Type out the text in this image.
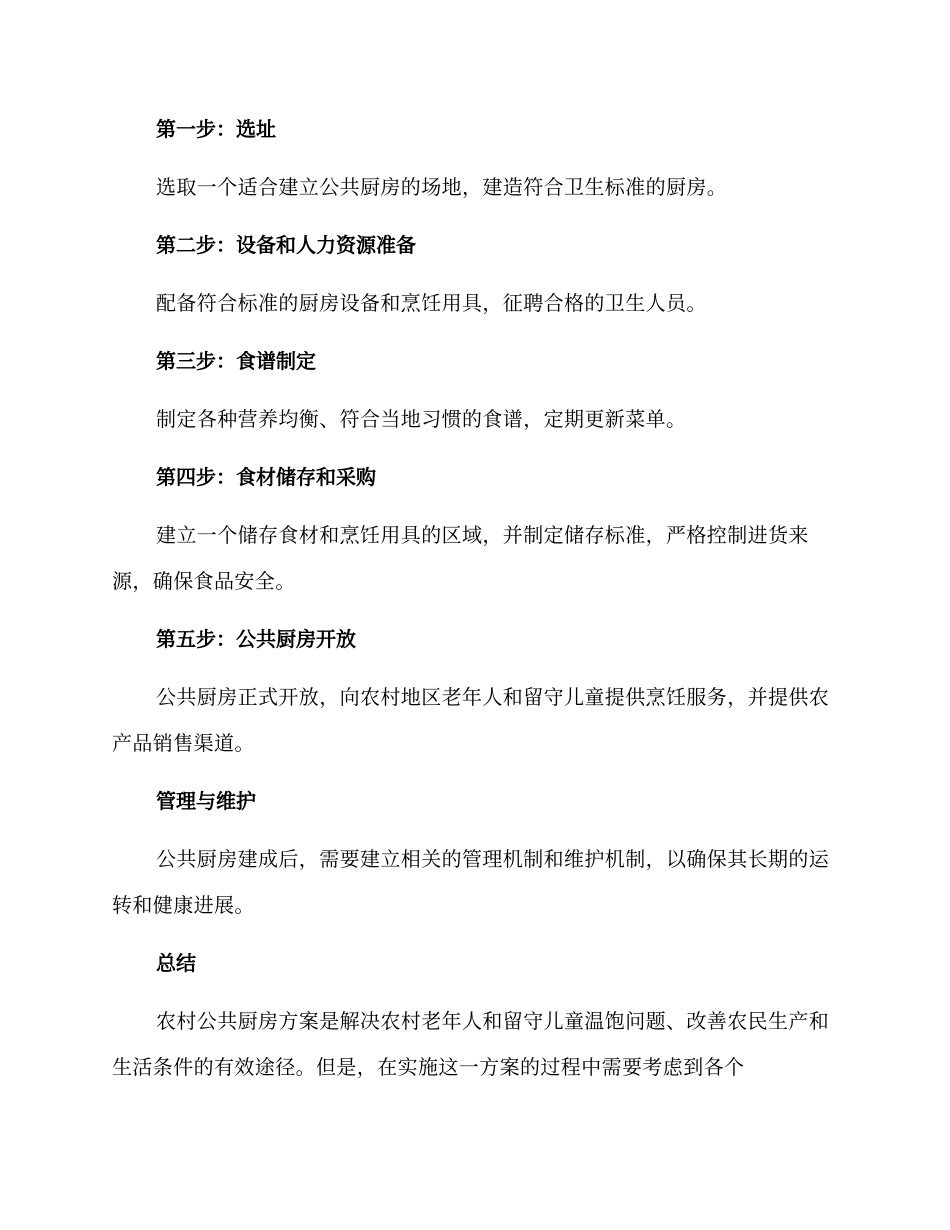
第一步：选址
选取一个适合建立公共厨房的场地，建造符合卫生标准的厨房。
第二步：设备和人力资源准备
配备符合标准的厨房设备和烹饪用具，征聘合格的卫生人员。
第三步：食谱制定
制定各种营养均衡、符合当地习惯的食谱，定期更新菜单。
第四步：食材储存和采购
建立一个储存食材和烹饪用具的区域，并制定储存标准，严格控制进货来源，确保食品安全。
第五步：公共厨房开放
公共厨房正式开放，向农村地区老年人和留守儿童提供烹饪服务，并提供农产品销售渠道。
管理与维护
公共厨房建成后，需要建立相关的管理机制和维护机制，以确保其长期的运转和健康进展。
总结
农村公共厨房方案是解决农村老年人和留守儿童温饱问题、改善农民生产和生活条件的有效途径。但是，在实施这一方案的过程中需要考虑到各个
